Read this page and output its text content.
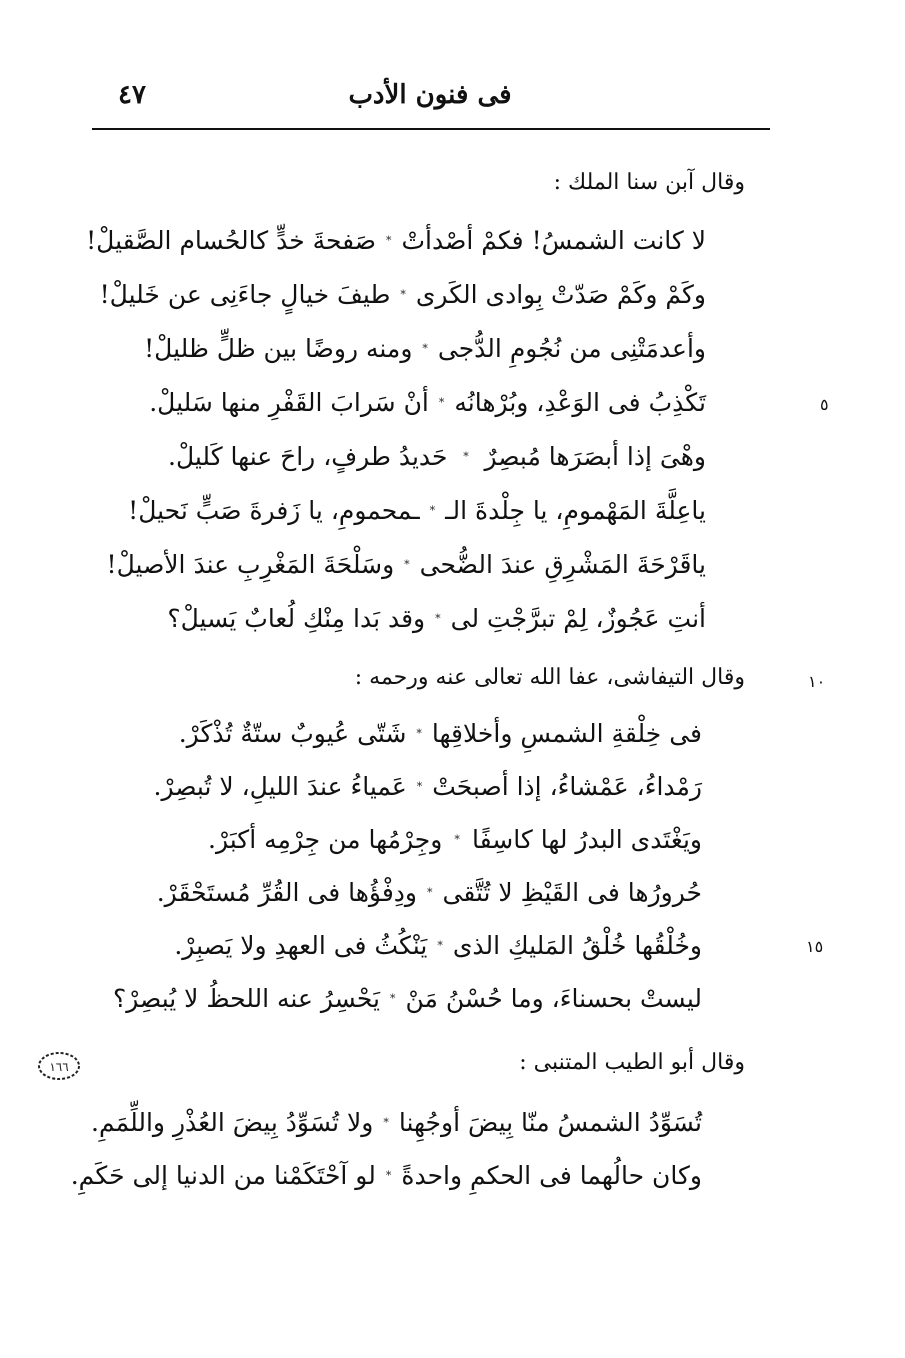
فى فنون الأدب
٤٧
وقال آبن سنا الملك :
لا كانت الشمسُ! فكمْ أصْدأتْ
*
صَفحةَ خدٍّ كالحُسام الصَّقيلْ!
وكَمْ وكَمْ صَدّتْ بِوادى الكَرى
*
طيفَ خيالٍ جاءَنِى عن خَليلْ!
وأعدمَتْنِى من نُجُومِ الدُّجى
*
ومنه روضًا بين ظلٍّ ظليلْ!
تَكْذِبُ فى الوَعْدِ، وبُرْهانُه
*
أنْ سَرابَ القَفْرِ منها سَليلْ.
وهْىَ إذا أبصَرَها مُبصِرٌ
*
حَديدُ طرفٍ، راحَ عنها كَليلْ.
ياعِلَّةَ المَهْمومِ، يا جِلْدةَ الـ
*
ـمحمومِ، يا زَفرةَ صَبٍّ نَحيلْ!
ياقَرْحَةَ المَشْرِقِ عندَ الضُّحى
*
وسَلْحَةَ المَغْرِبِ عندَ الأصيلْ!
أنتِ عَجُوزٌ، لِمْ تبرَّجْتِ لى
*
وقد بَدا مِنْكِ لُعابٌ يَسيلْ؟
٥
وقال التيفاشى، عفا الله تعالى عنه ورحمه :	١٠
فى خِلْقةِ الشمسِ وأخلاقِها
*
شَتّى عُيوبٌ ستّةٌ تُذْكَرْ.
رَمْداءُ، عَمْشاءُ، إذا أصبحَتْ
*
عَمياءُ عندَ الليلِ، لا تُبصِرْ.
ويَغْتَدى البدرُ لها كاسِفًا
*
وجِرْمُها من جِرْمِه أكبَرْ.
حُرورُها فى القَيْظِ لا تُتَّقى
*
ودِفْؤُها فى القُرِّ مُستَحْقَرْ.
وخُلْقُها خُلْقُ المَليكِ الذى
*
يَنْكُثُ فى العهدِ ولا يَصبِرْ.
ليستْ بحسناءَ، وما حُسْنُ مَنْ
*
يَحْسِرُ عنه اللحظُ لا يُبصِرْ؟
١٥
وقال أبو الطيب المتنبى :
١٦٦
تُسَوِّدُ الشمسُ منّا بِيضَ أوجُهِنا
*
ولا تُسَوِّدُ بِيضَ العُذْرِ واللِّمَمِ.
وكان حالُهما فى الحكمِ واحدةً
*
لو آحْتَكَمْنا من الدنيا إلى حَكَمِ.
